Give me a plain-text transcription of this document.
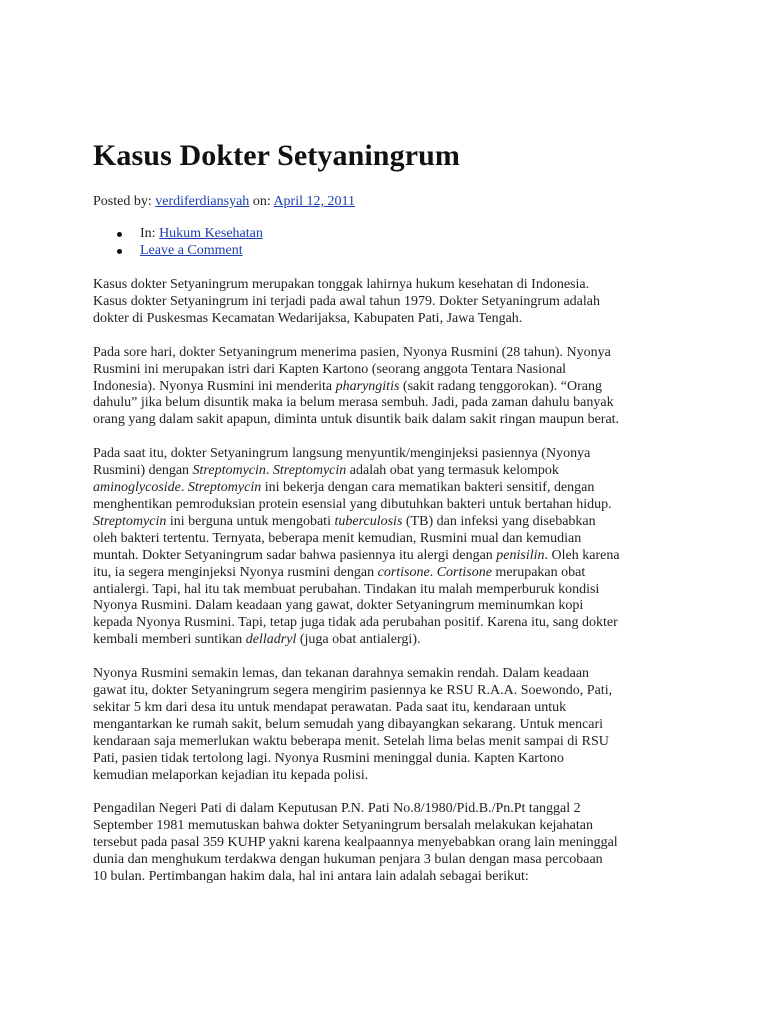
Kasus Dokter Setyaningrum
Posted by: verdiferdiansyah on: April 12, 2011
In: Hukum Kesehatan
Leave a Comment

Kasus dokter Setyaningrum merupakan tonggak lahirnya hukum kesehatan di Indonesia.
Kasus dokter Setyaningrum ini terjadi pada awal tahun 1979. Dokter Setyaningrum adalah
dokter di Puskesmas Kecamatan Wedarijaksa, Kabupaten Pati, Jawa Tengah.

Pada sore hari, dokter Setyaningrum menerima pasien, Nyonya Rusmini (28 tahun). Nyonya
Rusmini ini merupakan istri dari Kapten Kartono (seorang anggota Tentara Nasional
Indonesia). Nyonya Rusmini ini menderita pharyngitis (sakit radang tenggorokan). “Orang
dahulu” jika belum disuntik maka ia belum merasa sembuh. Jadi, pada zaman dahulu banyak
orang yang dalam sakit apapun, diminta untuk disuntik baik dalam sakit ringan maupun berat.

Pada saat itu, dokter Setyaningrum langsung menyuntik/menginjeksi pasiennya (Nyonya
Rusmini) dengan Streptomycin. Streptomycin adalah obat yang termasuk kelompok
aminoglycoside. Streptomycin ini bekerja dengan cara mematikan bakteri sensitif, dengan
menghentikan pemroduksian protein esensial yang dibutuhkan bakteri untuk bertahan hidup.
Streptomycin ini berguna untuk mengobati tuberculosis (TB) dan infeksi yang disebabkan
oleh bakteri tertentu. Ternyata, beberapa menit kemudian, Rusmini mual dan kemudian
muntah. Dokter Setyaningrum sadar bahwa pasiennya itu alergi dengan penisilin. Oleh karena
itu, ia segera menginjeksi Nyonya rusmini dengan cortisone. Cortisone merupakan obat
antialergi. Tapi, hal itu tak membuat perubahan. Tindakan itu malah memperburuk kondisi
Nyonya Rusmini. Dalam keadaan yang gawat, dokter Setyaningrum meminumkan kopi
kepada Nyonya Rusmini. Tapi, tetap juga tidak ada perubahan positif. Karena itu, sang dokter
kembali memberi suntikan delladryl (juga obat antialergi).

Nyonya Rusmini semakin lemas, dan tekanan darahnya semakin rendah. Dalam keadaan
gawat itu, dokter Setyaningrum segera mengirim pasiennya ke RSU R.A.A. Soewondo, Pati,
sekitar 5 km dari desa itu untuk mendapat perawatan. Pada saat itu, kendaraan untuk
mengantarkan ke rumah sakit, belum semudah yang dibayangkan sekarang. Untuk mencari
kendaraan saja memerlukan waktu beberapa menit. Setelah lima belas menit sampai di RSU
Pati, pasien tidak tertolong lagi. Nyonya Rusmini meninggal dunia. Kapten Kartono
kemudian melaporkan kejadian itu kepada polisi.

Pengadilan Negeri Pati di dalam Keputusan P.N. Pati No.8/1980/Pid.B./Pn.Pt tanggal 2
September 1981 memutuskan bahwa dokter Setyaningrum bersalah melakukan kejahatan
tersebut pada pasal 359 KUHP yakni karena kealpaannya menyebabkan orang lain meninggal
dunia dan menghukum terdakwa dengan hukuman penjara 3 bulan dengan masa percobaan
10 bulan. Pertimbangan hakim dala, hal ini antara lain adalah sebagai berikut:
